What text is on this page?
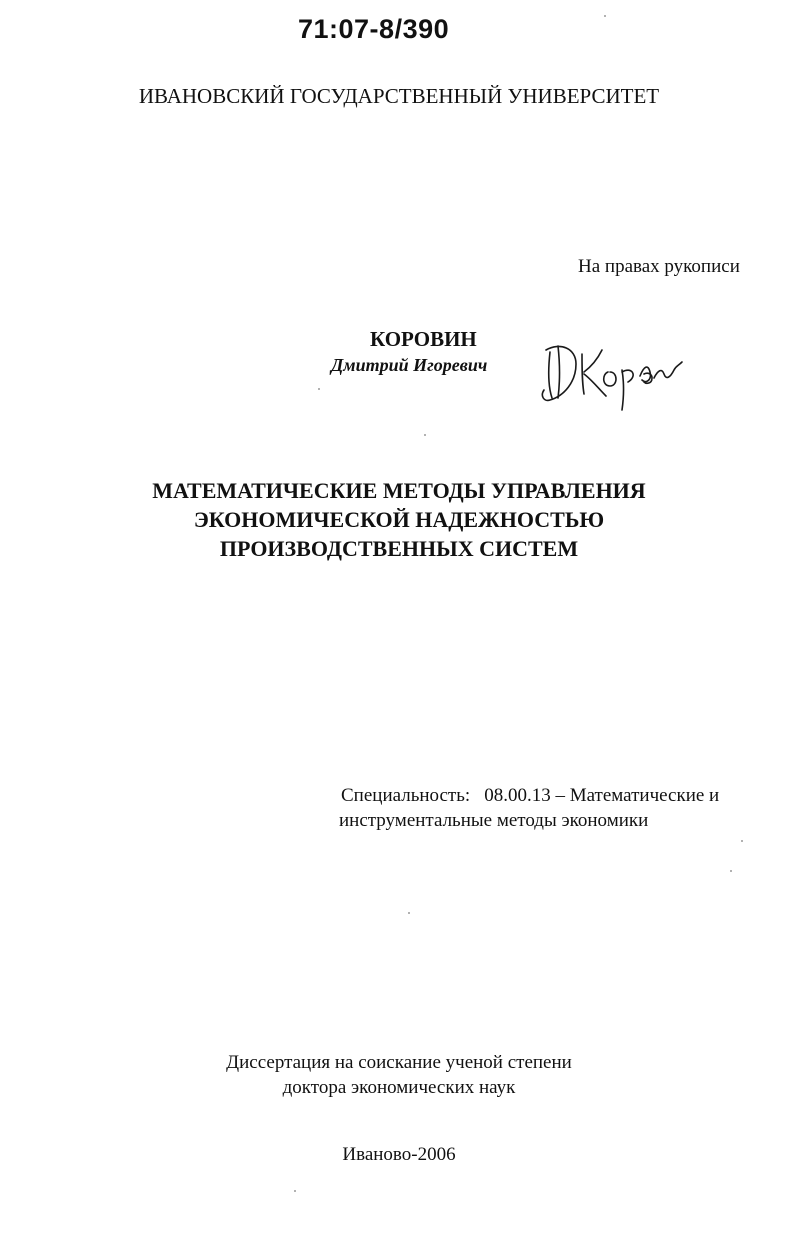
71:07-8/390
ИВАНОВСКИЙ ГОСУДАРСТВЕННЫЙ УНИВЕРСИТЕТ
На правах рукописи
КОРОВИН
Дмитрий Игоревич
МАТЕМАТИЧЕСКИЕ МЕТОДЫ УПРАВЛЕНИЯ
ЭКОНОМИЧЕСКОЙ НАДЕЖНОСТЬЮ
ПРОИЗВОДСТВЕННЫХ СИСТЕМ
Специальность: 08.00.13 – Математические и
инструментальные методы экономики
Диссертация на соискание ученой степени
доктора экономических наук
Иваново-2006
